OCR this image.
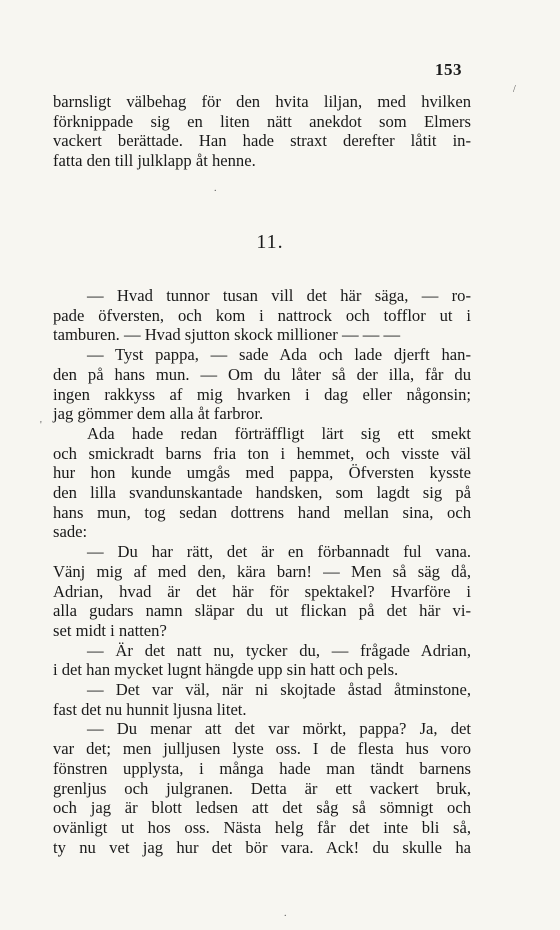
153
barnsligt välbehag för den hvita liljan, med hvilken
förknippade sig en liten nätt anekdot som Elmers
vackert berättade. Han hade straxt derefter låtit in-
fatta den till julklapp åt henne.
11.
— Hvad tunnor tusan vill det här säga, — ro-
pade öfversten, och kom i nattrock och tofflor ut i
tamburen. — Hvad sjutton skock millioner — — —
— Tyst pappa, — sade Ada och lade djerft han-
den på hans mun. — Om du låter så der illa, får du
ingen rakkyss af mig hvarken i dag eller någonsin;
jag gömmer dem alla åt farbror.
Ada hade redan förträffligt lärt sig ett smekt
och smickradt barns fria ton i hemmet, och visste väl
hur hon kunde umgås med pappa, Öfversten kysste
den lilla svandunskantade handsken, som lagdt sig på
hans mun, tog sedan dottrens hand mellan sina, och
sade:
— Du har rätt, det är en förbannadt ful vana.
Vänj mig af med den, kära barn! — Men så säg då,
Adrian, hvad är det här för spektakel? Hvarföre i
alla gudars namn släpar du ut flickan på det här vi-
set midt i natten?
— Är det natt nu, tycker du, — frågade Adrian,
i det han mycket lugnt hängde upp sin hatt och pels.
— Det var väl, när ni skojtade åstad åtminstone,
fast det nu hunnit ljusna litet.
— Du menar att det var mörkt, pappa? Ja, det
var det; men julljusen lyste oss. I de flesta hus voro
fönstren upplysta, i många hade man tändt barnens
grenljus och julgranen. Detta är ett vackert bruk,
och jag är blott ledsen att det såg så sömnigt och
ovänligt ut hos oss. Nästa helg får det inte bli så,
ty nu vet jag hur det bör vara. Ack! du skulle ha
/
.
'
.
